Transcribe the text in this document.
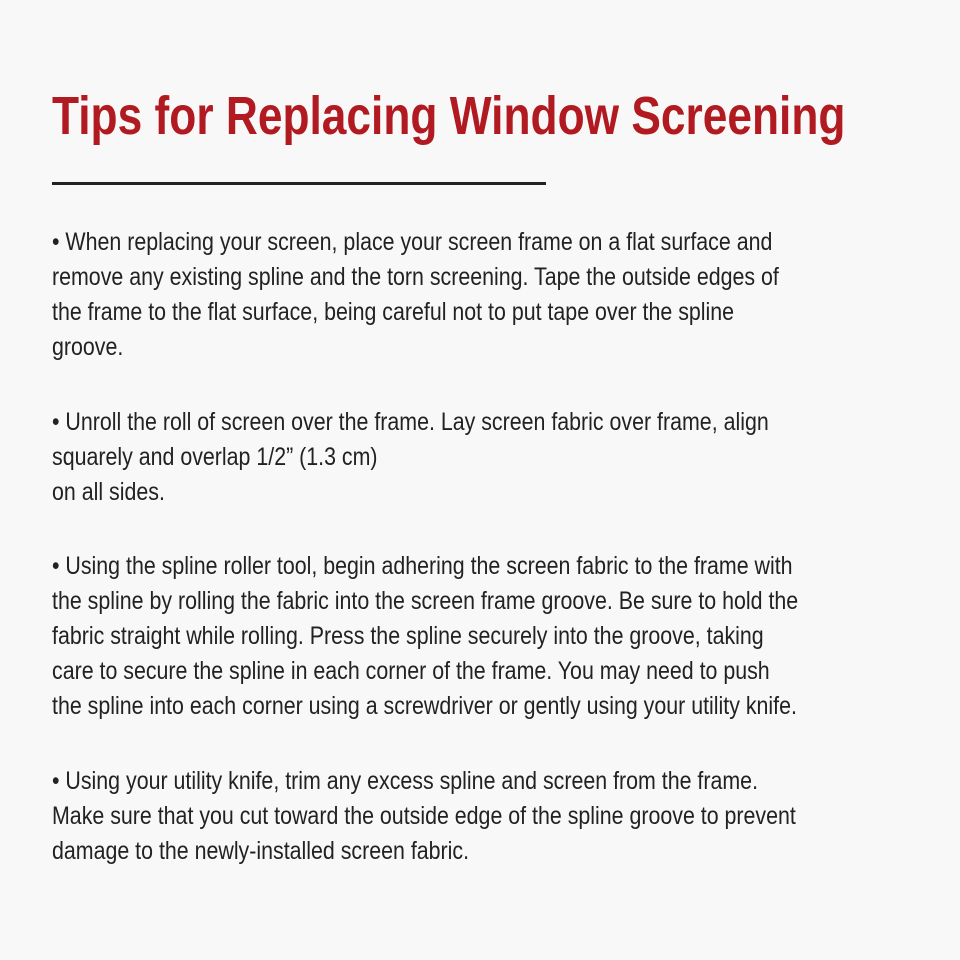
Tips for Replacing Window Screening
• When replacing your screen, place your screen frame on a flat surface and
remove any existing spline and the torn screening. Tape the outside edges of
the frame to the flat surface, being careful not to put tape over the spline
groove.
• Unroll the roll of screen over the frame. Lay screen fabric over frame, align
squarely and overlap 1/2” (1.3 cm)
on all sides.
• Using the spline roller tool, begin adhering the screen fabric to the frame with
the spline by rolling the fabric into the screen frame groove. Be sure to hold the
fabric straight while rolling. Press the spline securely into the groove, taking
care to secure the spline in each corner of the frame. You may need to push
the spline into each corner using a screwdriver or gently using your utility knife.
• Using your utility knife, trim any excess spline and screen from the frame.
Make sure that you cut toward the outside edge of the spline groove to prevent
damage to the newly-installed screen fabric.
